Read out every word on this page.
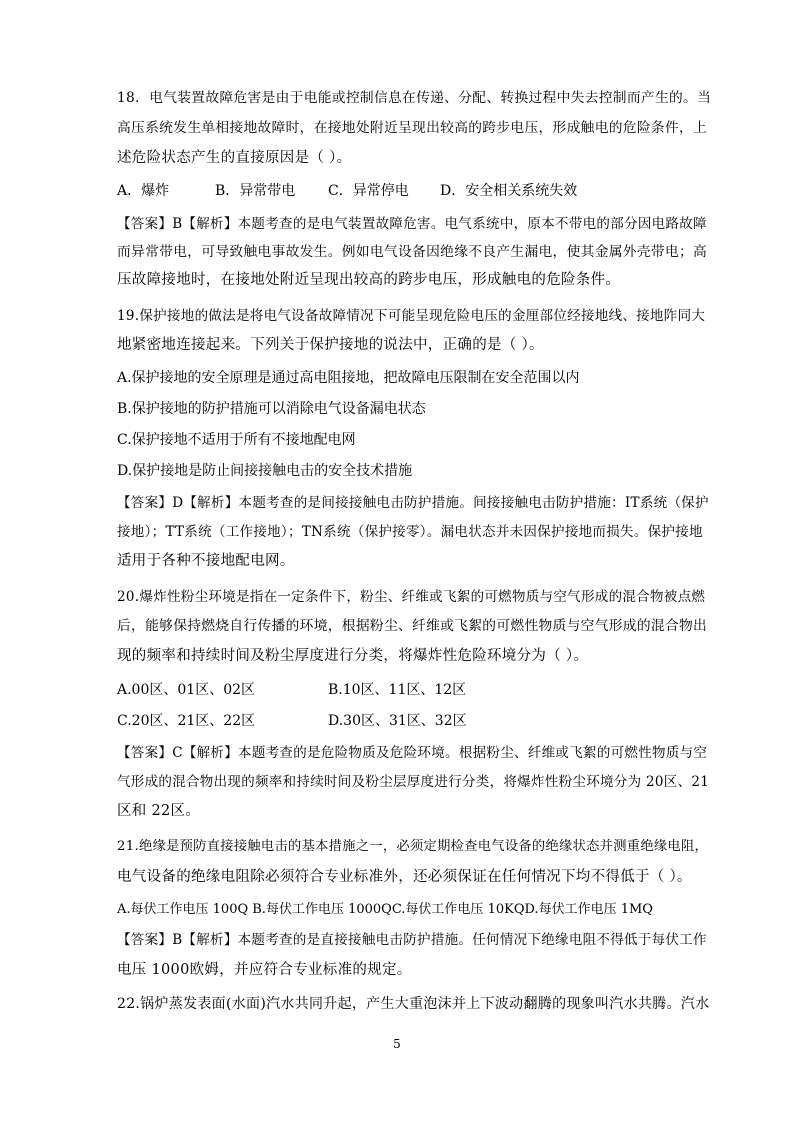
18．电气装置故障危害是由于电能或控制信息在传递、分配、转换过程中失去控制而产生的。当
高压系统发生单相接地故障时，在接地处附近呈现出较高的跨步电压，形成触电的危险条件，上
述危险状态产生的直接原因是（ ）。
A．爆炸	B．异常带电 C．异常停电 D．安全相关系统失效
【答案】B【解析】本题考查的是电气装置故障危害。电气系统中，原本不带电的部分因电路故障
而异常带电，可导致触电事故发生。例如电气设备因绝缘不良产生漏电，使其金属外壳带电；高
压故障接地时，在接地处附近呈现出较高的跨步电压，形成触电的危险条件。
19.保护接地的做法是将电气设备故障情况下可能呈现危险电压的金厘部位经接地线、接地阼同大
地紧密地连接起来。下列关于保护接地的说法中，正确的是（ ）。
A.保护接地的安全原理是通过高电阻接地，把故障电压限制在安全范围以内
B.保护接地的防护措施可以消除电气设备漏电状态
C.保护接地不适用于所有不接地配电网
D.保护接地是防止间接接触电击的安全技术措施
【答案】D【解析】本题考查的是间接接触电击防护措施。间接接触电击防护措施：IT系统（保护
接地）；TT系统（工作接地）；TN系统（保护接零）。漏电状态并未因保护接地而损失。保护接地
适用于各种不接地配电网。
20.爆炸性粉尘环境是指在一定条件下，粉尘、纤维或飞絮的可燃物质与空气形成的混合物被点燃
后，能够保持燃烧自行传播的环境，根据粉尘、纤维或飞絮的可燃性物质与空气形成的混合物出
现的频率和持续时间及粉尘厚度进行分类，将爆炸性危险环境分为（ ）。
A.00区、01区、02区	B.10区、11区、12区
C.20区、21区、22区	D.30区、31区、32区
【答案】C【解析】本题考查的是危险物质及危险环境。根据粉尘、纤维或飞絮的可燃性物质与空
气形成的混合物出现的频率和持续时间及粉尘层厚度进行分类，将爆炸性粉尘环境分为 20区、21
区和 22区。
21.绝缘是预防直接接触电击的基本措施之一，必须定期检查电气设备的绝缘状态并测重绝缘电阻，
电气设备的绝缘电阻除必须符合专业标准外，还必须保证在任何情况下均不得低于（ ）。
A.每伏工作电压 100Q B.每伏工作电压 1000QC.每伏工作电压 10KQD.每伏工作电压 1MQ
【答案】B【解析】本题考查的是直接接触电击防护措施。任何情况下绝缘电阻不得低于每伏工作
电压 1000欧姆，并应符合专业标准的规定。
22.锅炉蒸发表面(水面)汽水共同升起，产生大重泡沫并上下波动翻腾的现象叫汽水共腾。汽水
5
